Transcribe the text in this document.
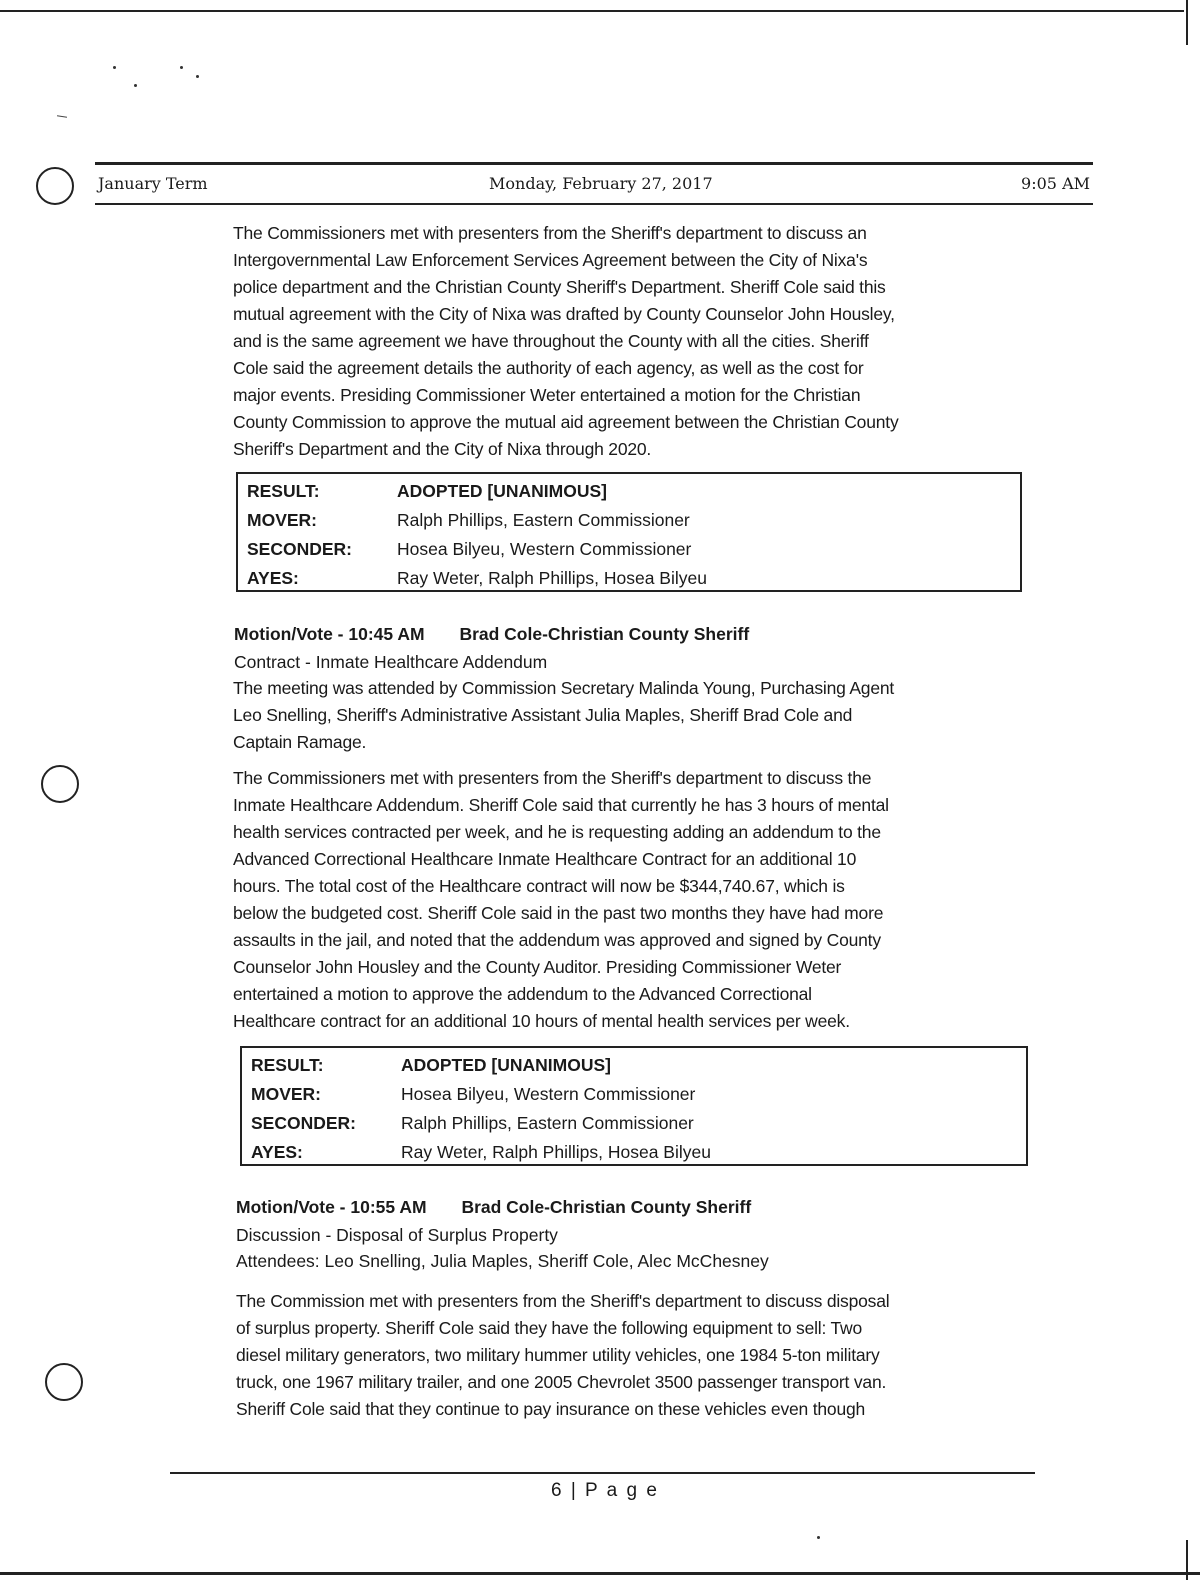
January Term	Monday, February 27, 2017	9:05 AM

The Commissioners met with presenters from the Sheriff's department to discuss an
Intergovernmental Law Enforcement Services Agreement between the City of Nixa's
police department and the Christian County Sheriff's Department. Sheriff Cole said this
mutual agreement with the City of Nixa was drafted by County Counselor John Housley,
and is the same agreement we have throughout the County with all the cities. Sheriff
Cole said the agreement details the authority of each agency, as well as the cost for
major events. Presiding Commissioner Weter entertained a motion for the Christian
County Commission to approve the mutual aid agreement between the Christian County
Sheriff's Department and the City of Nixa through 2020.

RESULT:	ADOPTED [UNANIMOUS]
MOVER:	Ralph Phillips, Eastern Commissioner
SECONDER:	Hosea Bilyeu, Western Commissioner
AYES:	Ray Weter, Ralph Phillips, Hosea Bilyeu
Motion/Vote - 10:45 AM Brad Cole-Christian County Sheriff
Contract - Inmate Healthcare Addendum

The meeting was attended by Commission Secretary Malinda Young, Purchasing Agent
Leo Snelling, Sheriff's Administrative Assistant Julia Maples, Sheriff Brad Cole and
Captain Ramage.

The Commissioners met with presenters from the Sheriff's department to discuss the
Inmate Healthcare Addendum. Sheriff Cole said that currently he has 3 hours of mental
health services contracted per week, and he is requesting adding an addendum to the
Advanced Correctional Healthcare Inmate Healthcare Contract for an additional 10
hours. The total cost of the Healthcare contract will now be $344,740.67, which is
below the budgeted cost. Sheriff Cole said in the past two months they have had more
assaults in the jail, and noted that the addendum was approved and signed by County
Counselor John Housley and the County Auditor. Presiding Commissioner Weter
entertained a motion to approve the addendum to the Advanced Correctional
Healthcare contract for an additional 10 hours of mental health services per week.

RESULT:	ADOPTED [UNANIMOUS]
MOVER:	Hosea Bilyeu, Western Commissioner
SECONDER:	Ralph Phillips, Eastern Commissioner
AYES:	Ray Weter, Ralph Phillips, Hosea Bilyeu
Motion/Vote - 10:55 AM Brad Cole-Christian County Sheriff
Discussion - Disposal of Surplus Property
Attendees: Leo Snelling, Julia Maples, Sheriff Cole, Alec McChesney

The Commission met with presenters from the Sheriff's department to discuss disposal
of surplus property. Sheriff Cole said they have the following equipment to sell: Two
diesel military generators, two military hummer utility vehicles, one 1984 5-ton military
truck, one 1967 military trailer, and one 2005 Chevrolet 3500 passenger transport van.
Sheriff Cole said that they continue to pay insurance on these vehicles even though

6 | P a g e
